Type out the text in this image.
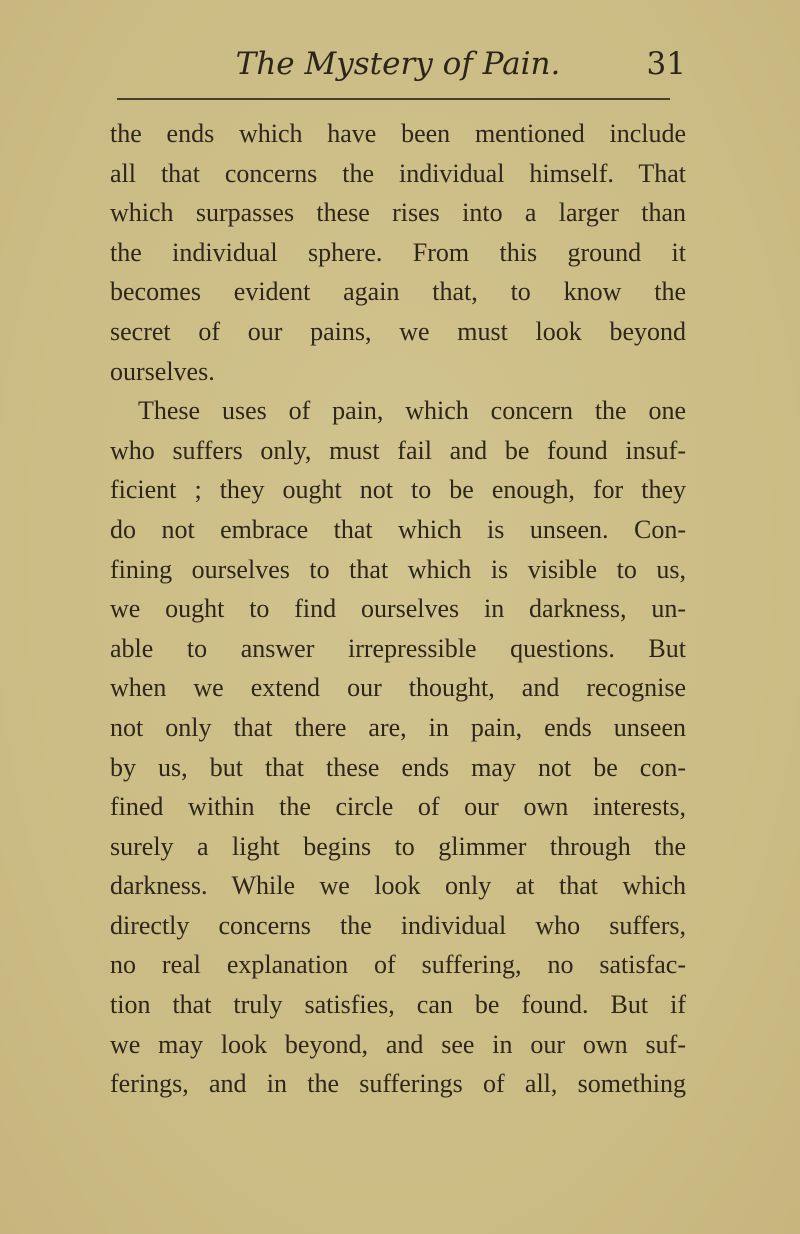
The Mystery of Pain.	31
the ends which have been mentioned include
all that concerns the individual himself. That
which surpasses these rises into a larger than
the individual sphere. From this ground it
becomes evident again that, to know the
secret of our pains, we must look beyond
ourselves.
These uses of pain, which concern the one
who suffers only, must fail and be found insuf-
ficient ; they ought not to be enough, for they
do not embrace that which is unseen. Con-
fining ourselves to that which is visible to us,
we ought to find ourselves in darkness, un-
able to answer irrepressible questions. But
when we extend our thought, and recognise
not only that there are, in pain, ends unseen
by us, but that these ends may not be con-
fined within the circle of our own interests,
surely a light begins to glimmer through the
darkness. While we look only at that which
directly concerns the individual who suffers,
no real explanation of suffering, no satisfac-
tion that truly satisfies, can be found. But if
we may look beyond, and see in our own suf-
ferings, and in the sufferings of all, something
